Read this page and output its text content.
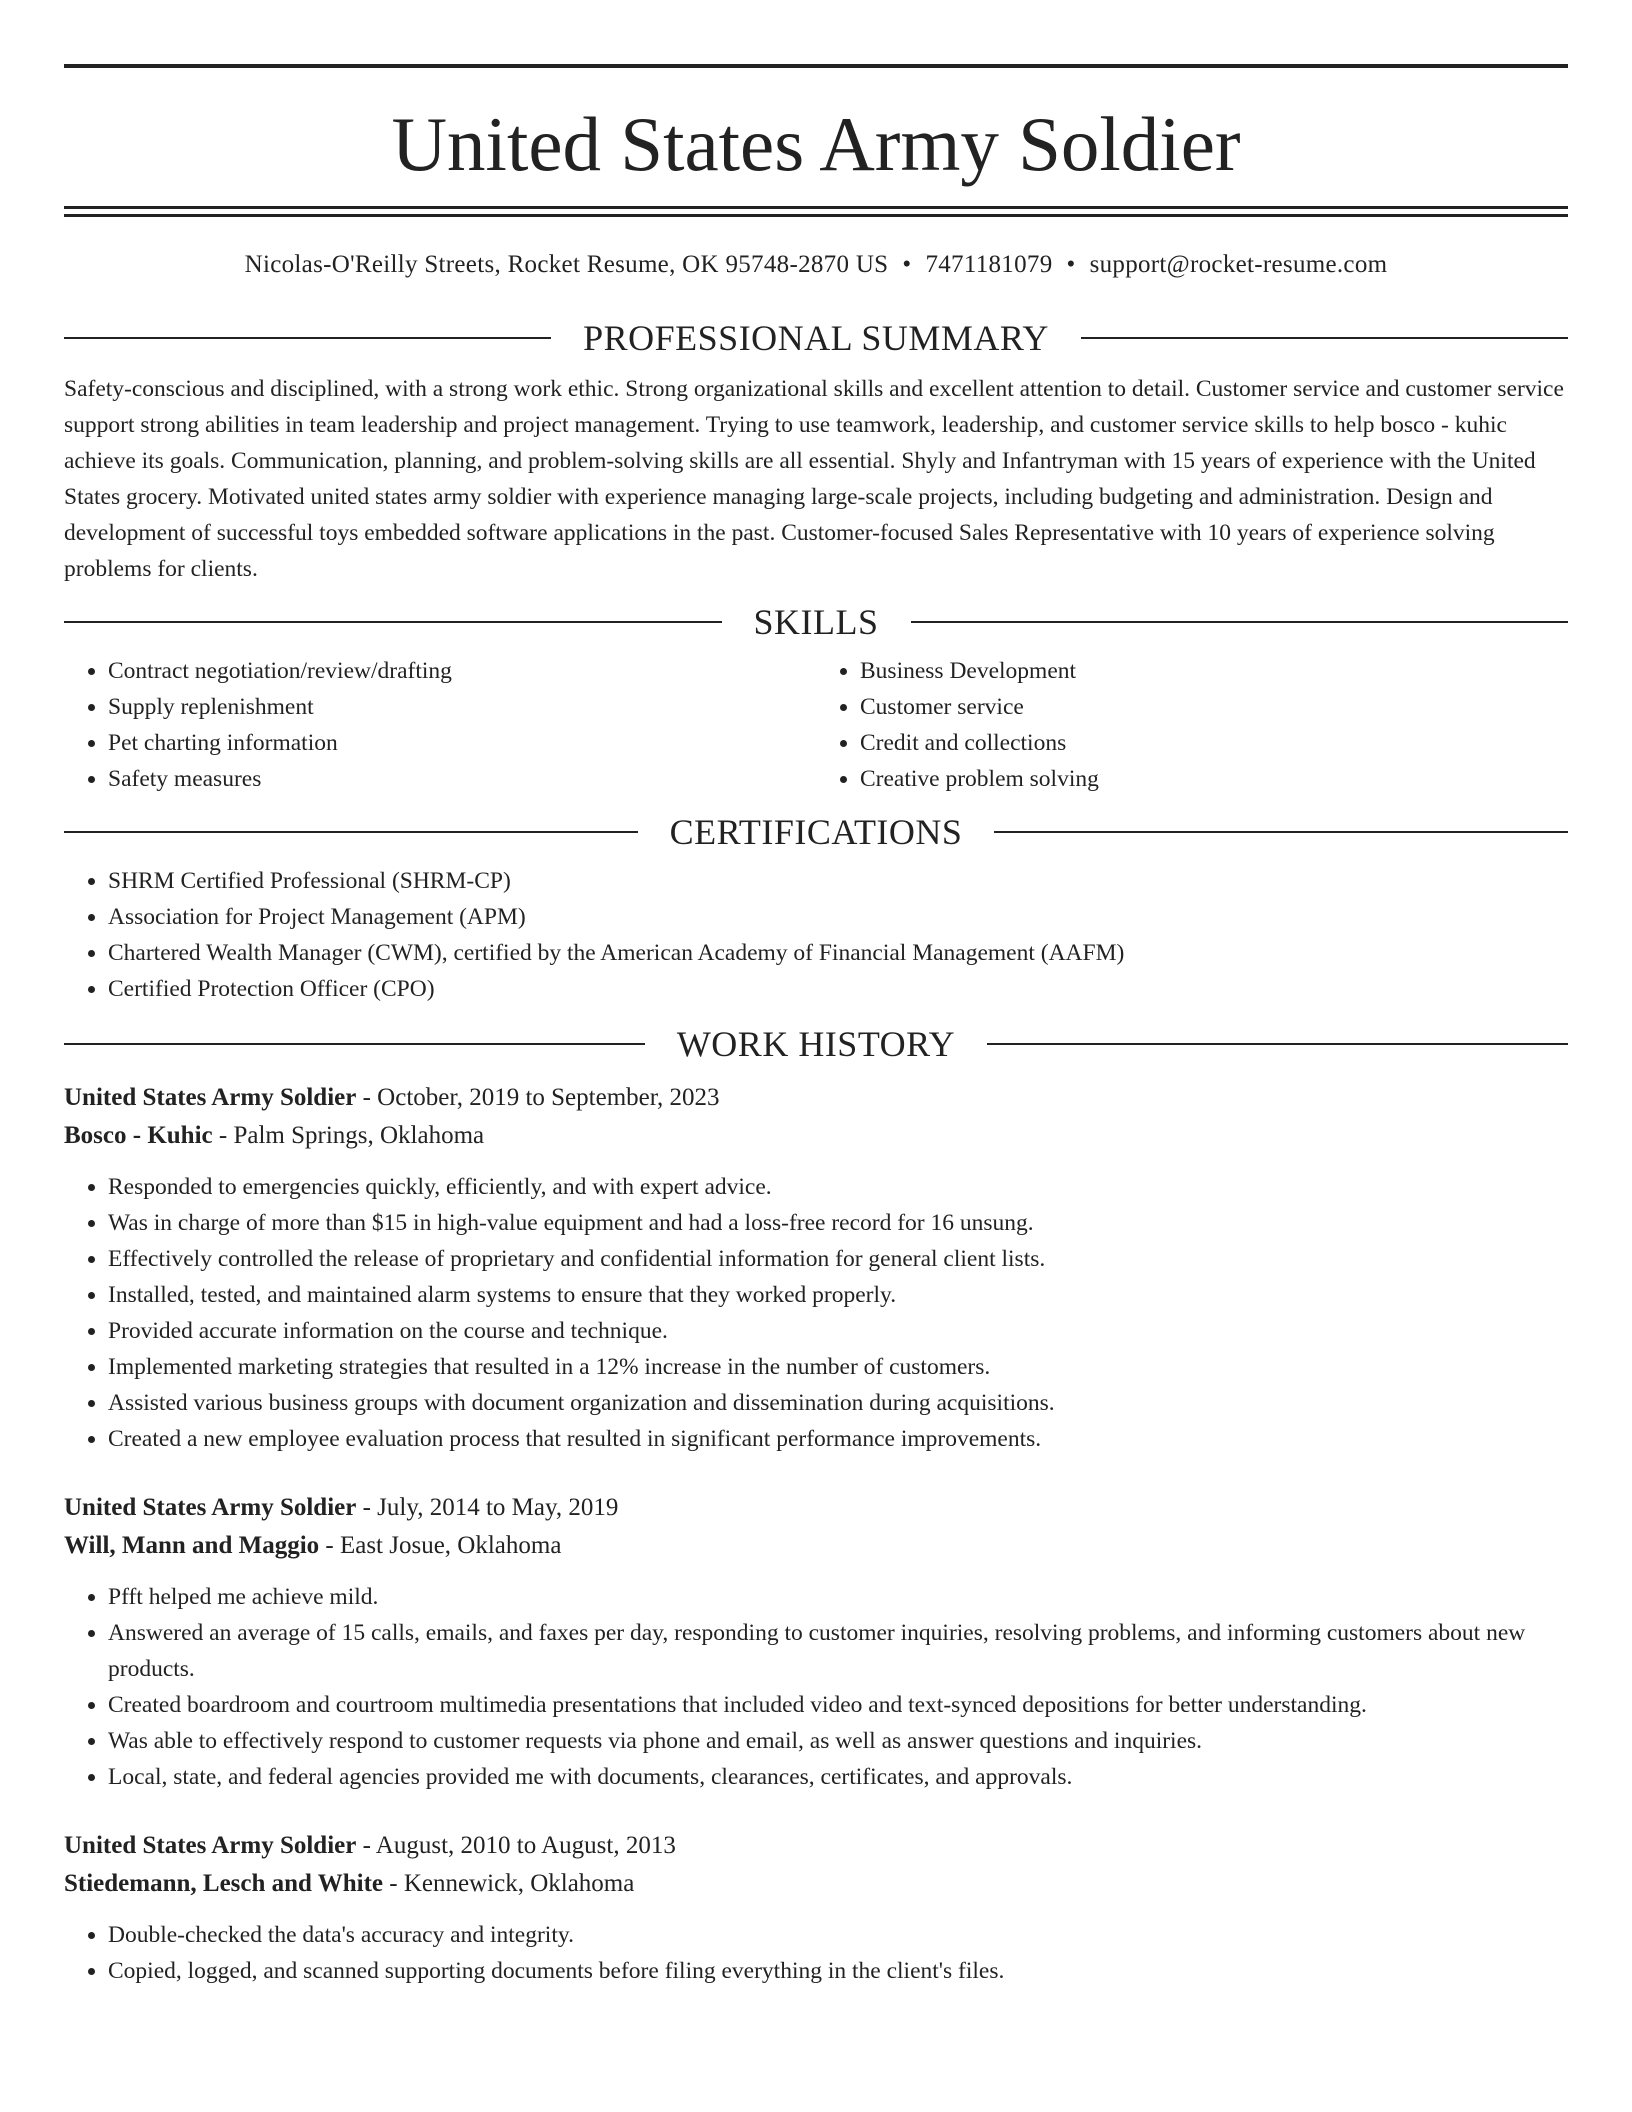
United States Army Soldier
Nicolas-O'Reilly Streets, Rocket Resume, OK 95748-2870 US • 7471181079 • support@rocket-resume.com
PROFESSIONAL SUMMARY

Safety-conscious and disciplined, with a strong work ethic. Strong organizational skills and excellent attention to detail. Customer service and customer service support strong abilities in team leadership and project management. Trying to use teamwork, leadership, and customer service skills to help bosco - kuhic achieve its goals. Communication, planning, and problem-solving skills are all essential. Shyly and Infantryman with 15 years of experience with the United States grocery. Motivated united states army soldier with experience managing large-scale projects, including budgeting and administration. Design and development of successful toys embedded software applications in the past. Customer-focused Sales Representative with 10 years of experience solving problems for clients.

SKILLS
• Contract negotiation/review/drafting
• Supply replenishment
• Pet charting information
• Safety measures
• Business Development
• Customer service
• Credit and collections
• Creative problem solving
CERTIFICATIONS
• SHRM Certified Professional (SHRM-CP)
• Association for Project Management (APM)
• Chartered Wealth Manager (CWM), certified by the American Academy of Financial Management (AAFM)
• Certified Protection Officer (CPO)
WORK HISTORY
United States Army Soldier - October, 2019 to September, 2023
Bosco - Kuhic - Palm Springs, Oklahoma
• Responded to emergencies quickly, efficiently, and with expert advice.
• Was in charge of more than $15 in high-value equipment and had a loss-free record for 16 unsung.
• Effectively controlled the release of proprietary and confidential information for general client lists.
• Installed, tested, and maintained alarm systems to ensure that they worked properly.
• Provided accurate information on the course and technique.
• Implemented marketing strategies that resulted in a 12% increase in the number of customers.
• Assisted various business groups with document organization and dissemination during acquisitions.
• Created a new employee evaluation process that resulted in significant performance improvements.
United States Army Soldier - July, 2014 to May, 2019
Will, Mann and Maggio - East Josue, Oklahoma
• Pfft helped me achieve mild.
• Answered an average of 15 calls, emails, and faxes per day, responding to customer inquiries, resolving problems, and informing customers about new products.
• Created boardroom and courtroom multimedia presentations that included video and text-synced depositions for better understanding.
• Was able to effectively respond to customer requests via phone and email, as well as answer questions and inquiries.
• Local, state, and federal agencies provided me with documents, clearances, certificates, and approvals.
United States Army Soldier - August, 2010 to August, 2013
Stiedemann, Lesch and White - Kennewick, Oklahoma
• Double-checked the data's accuracy and integrity.
• Copied, logged, and scanned supporting documents before filing everything in the client's files.
